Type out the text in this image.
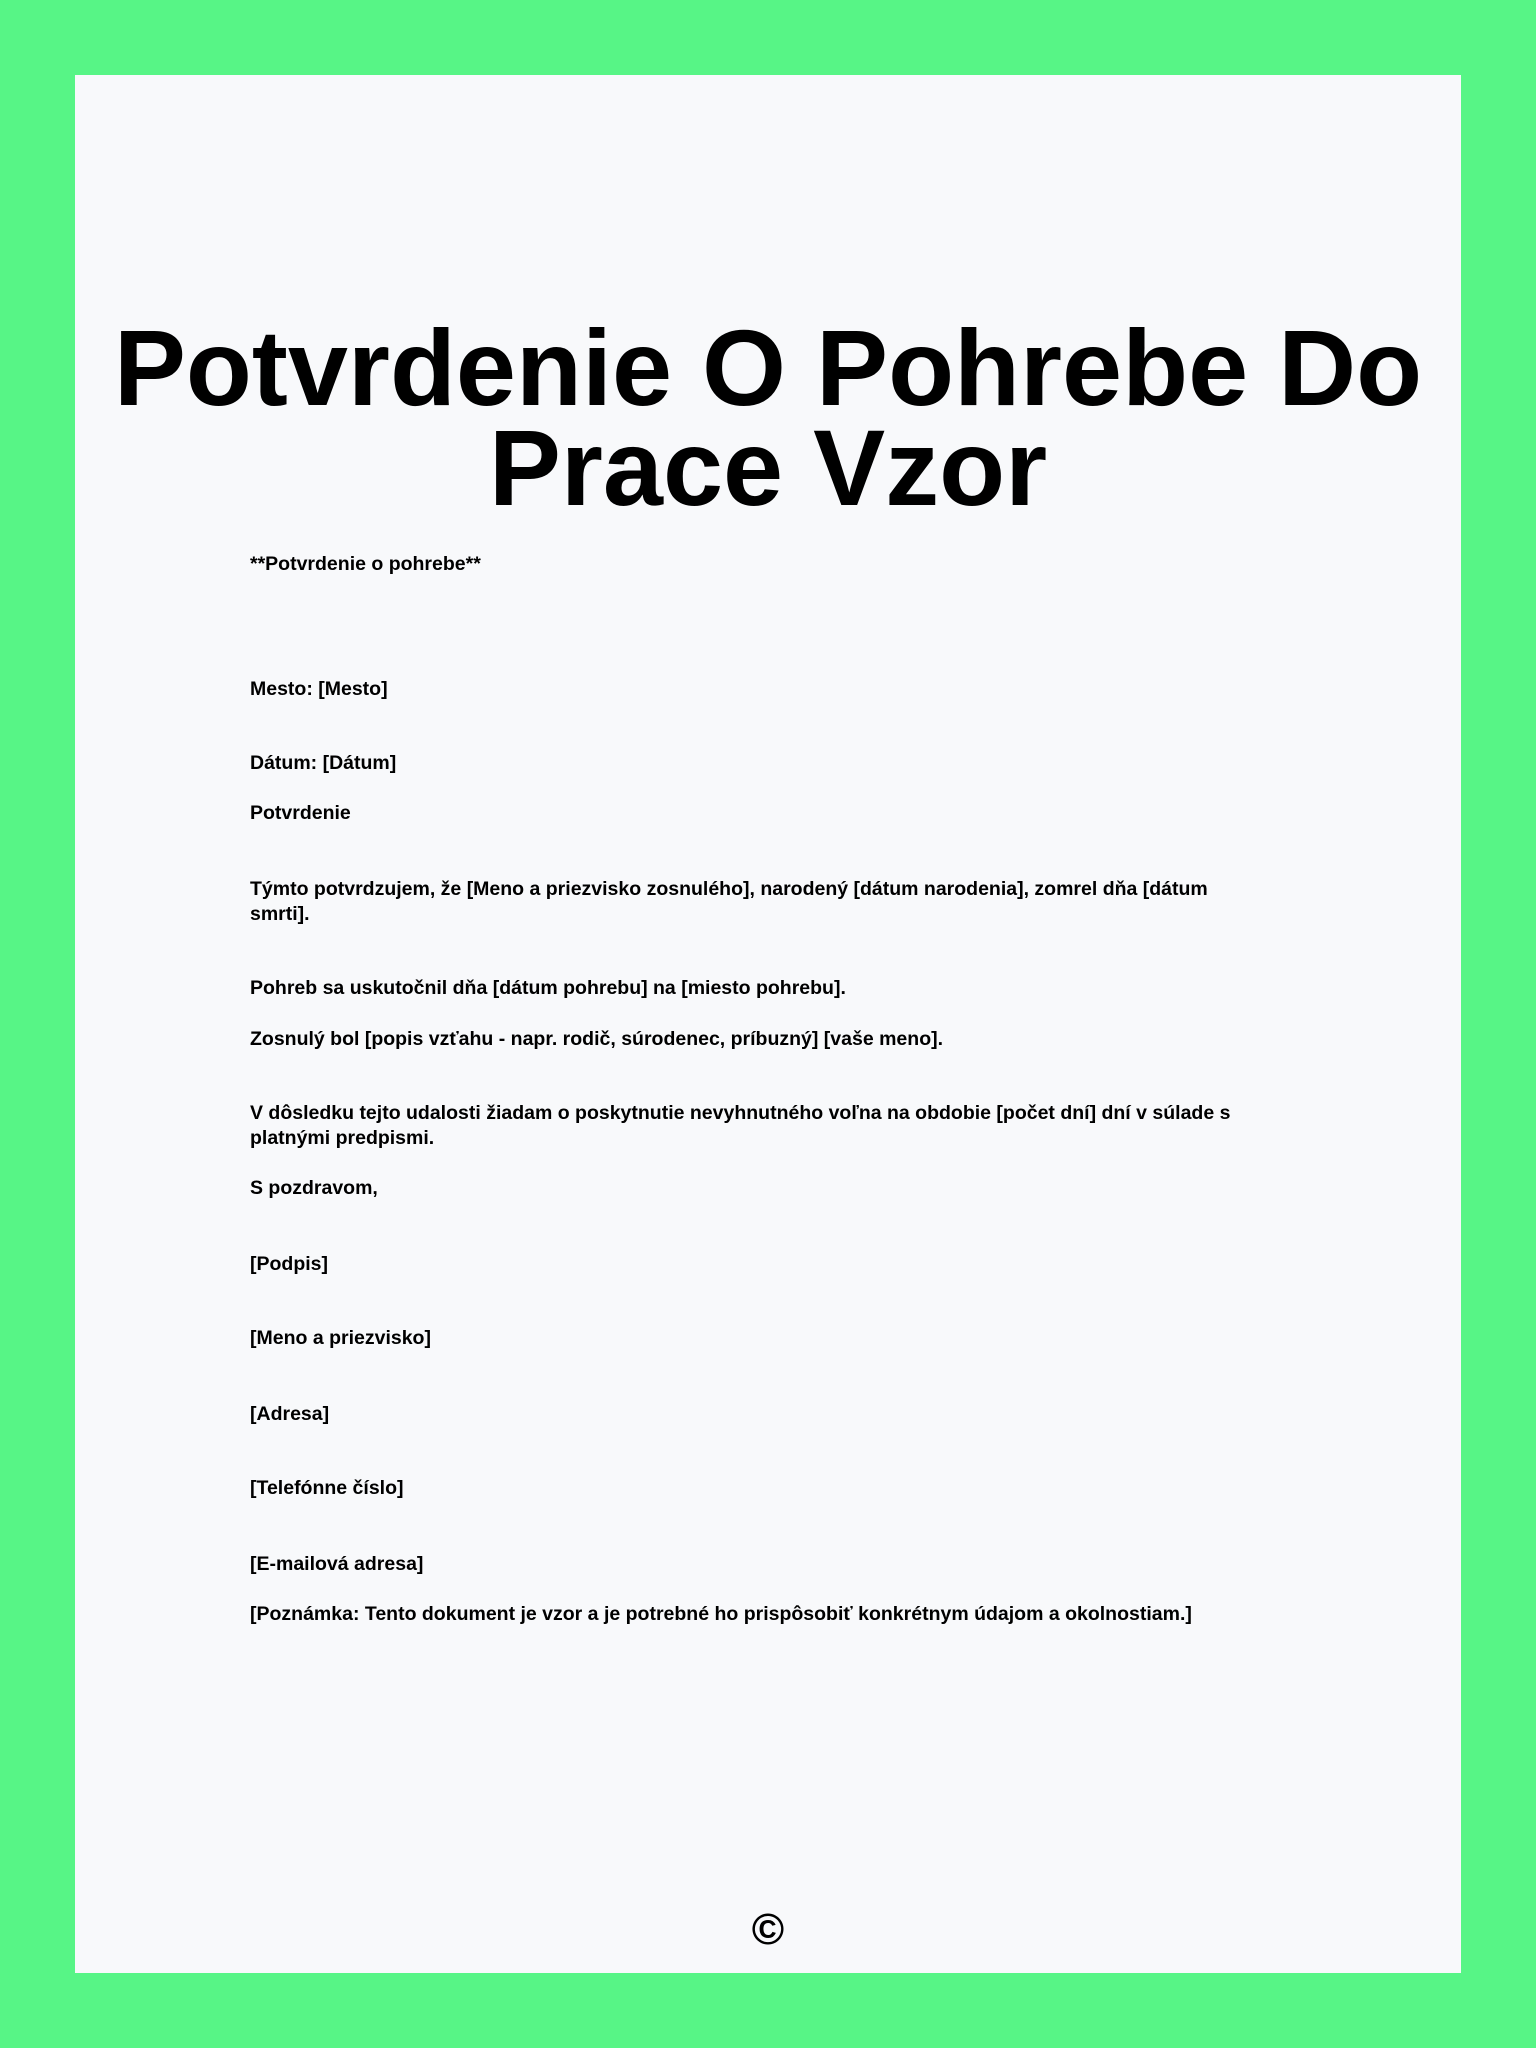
Potvrdenie O Pohrebe Do Prace Vzor

**Potvrdenie o pohrebe**

Mesto: [Mesto]

Dátum: [Dátum]

Potvrdenie

Týmto potvrdzujem, že [Meno a priezvisko zosnulého], narodený [dátum narodenia], zomrel dňa [dátum smrti].

Pohreb sa uskutočnil dňa [dátum pohrebu] na [miesto pohrebu].

Zosnulý bol [popis vzťahu - napr. rodič, súrodenec, príbuzný] [vaše meno].

V dôsledku tejto udalosti žiadam o poskytnutie nevyhnutného voľna na obdobie [počet dní] dní v súlade s platnými predpismi.

S pozdravom,

[Podpis]

[Meno a priezvisko]

[Adresa]

[Telefónne číslo]

[E-mailová adresa]

[Poznámka: Tento dokument je vzor a je potrebné ho prispôsobiť konkrétnym údajom a okolnostiam.]

©
